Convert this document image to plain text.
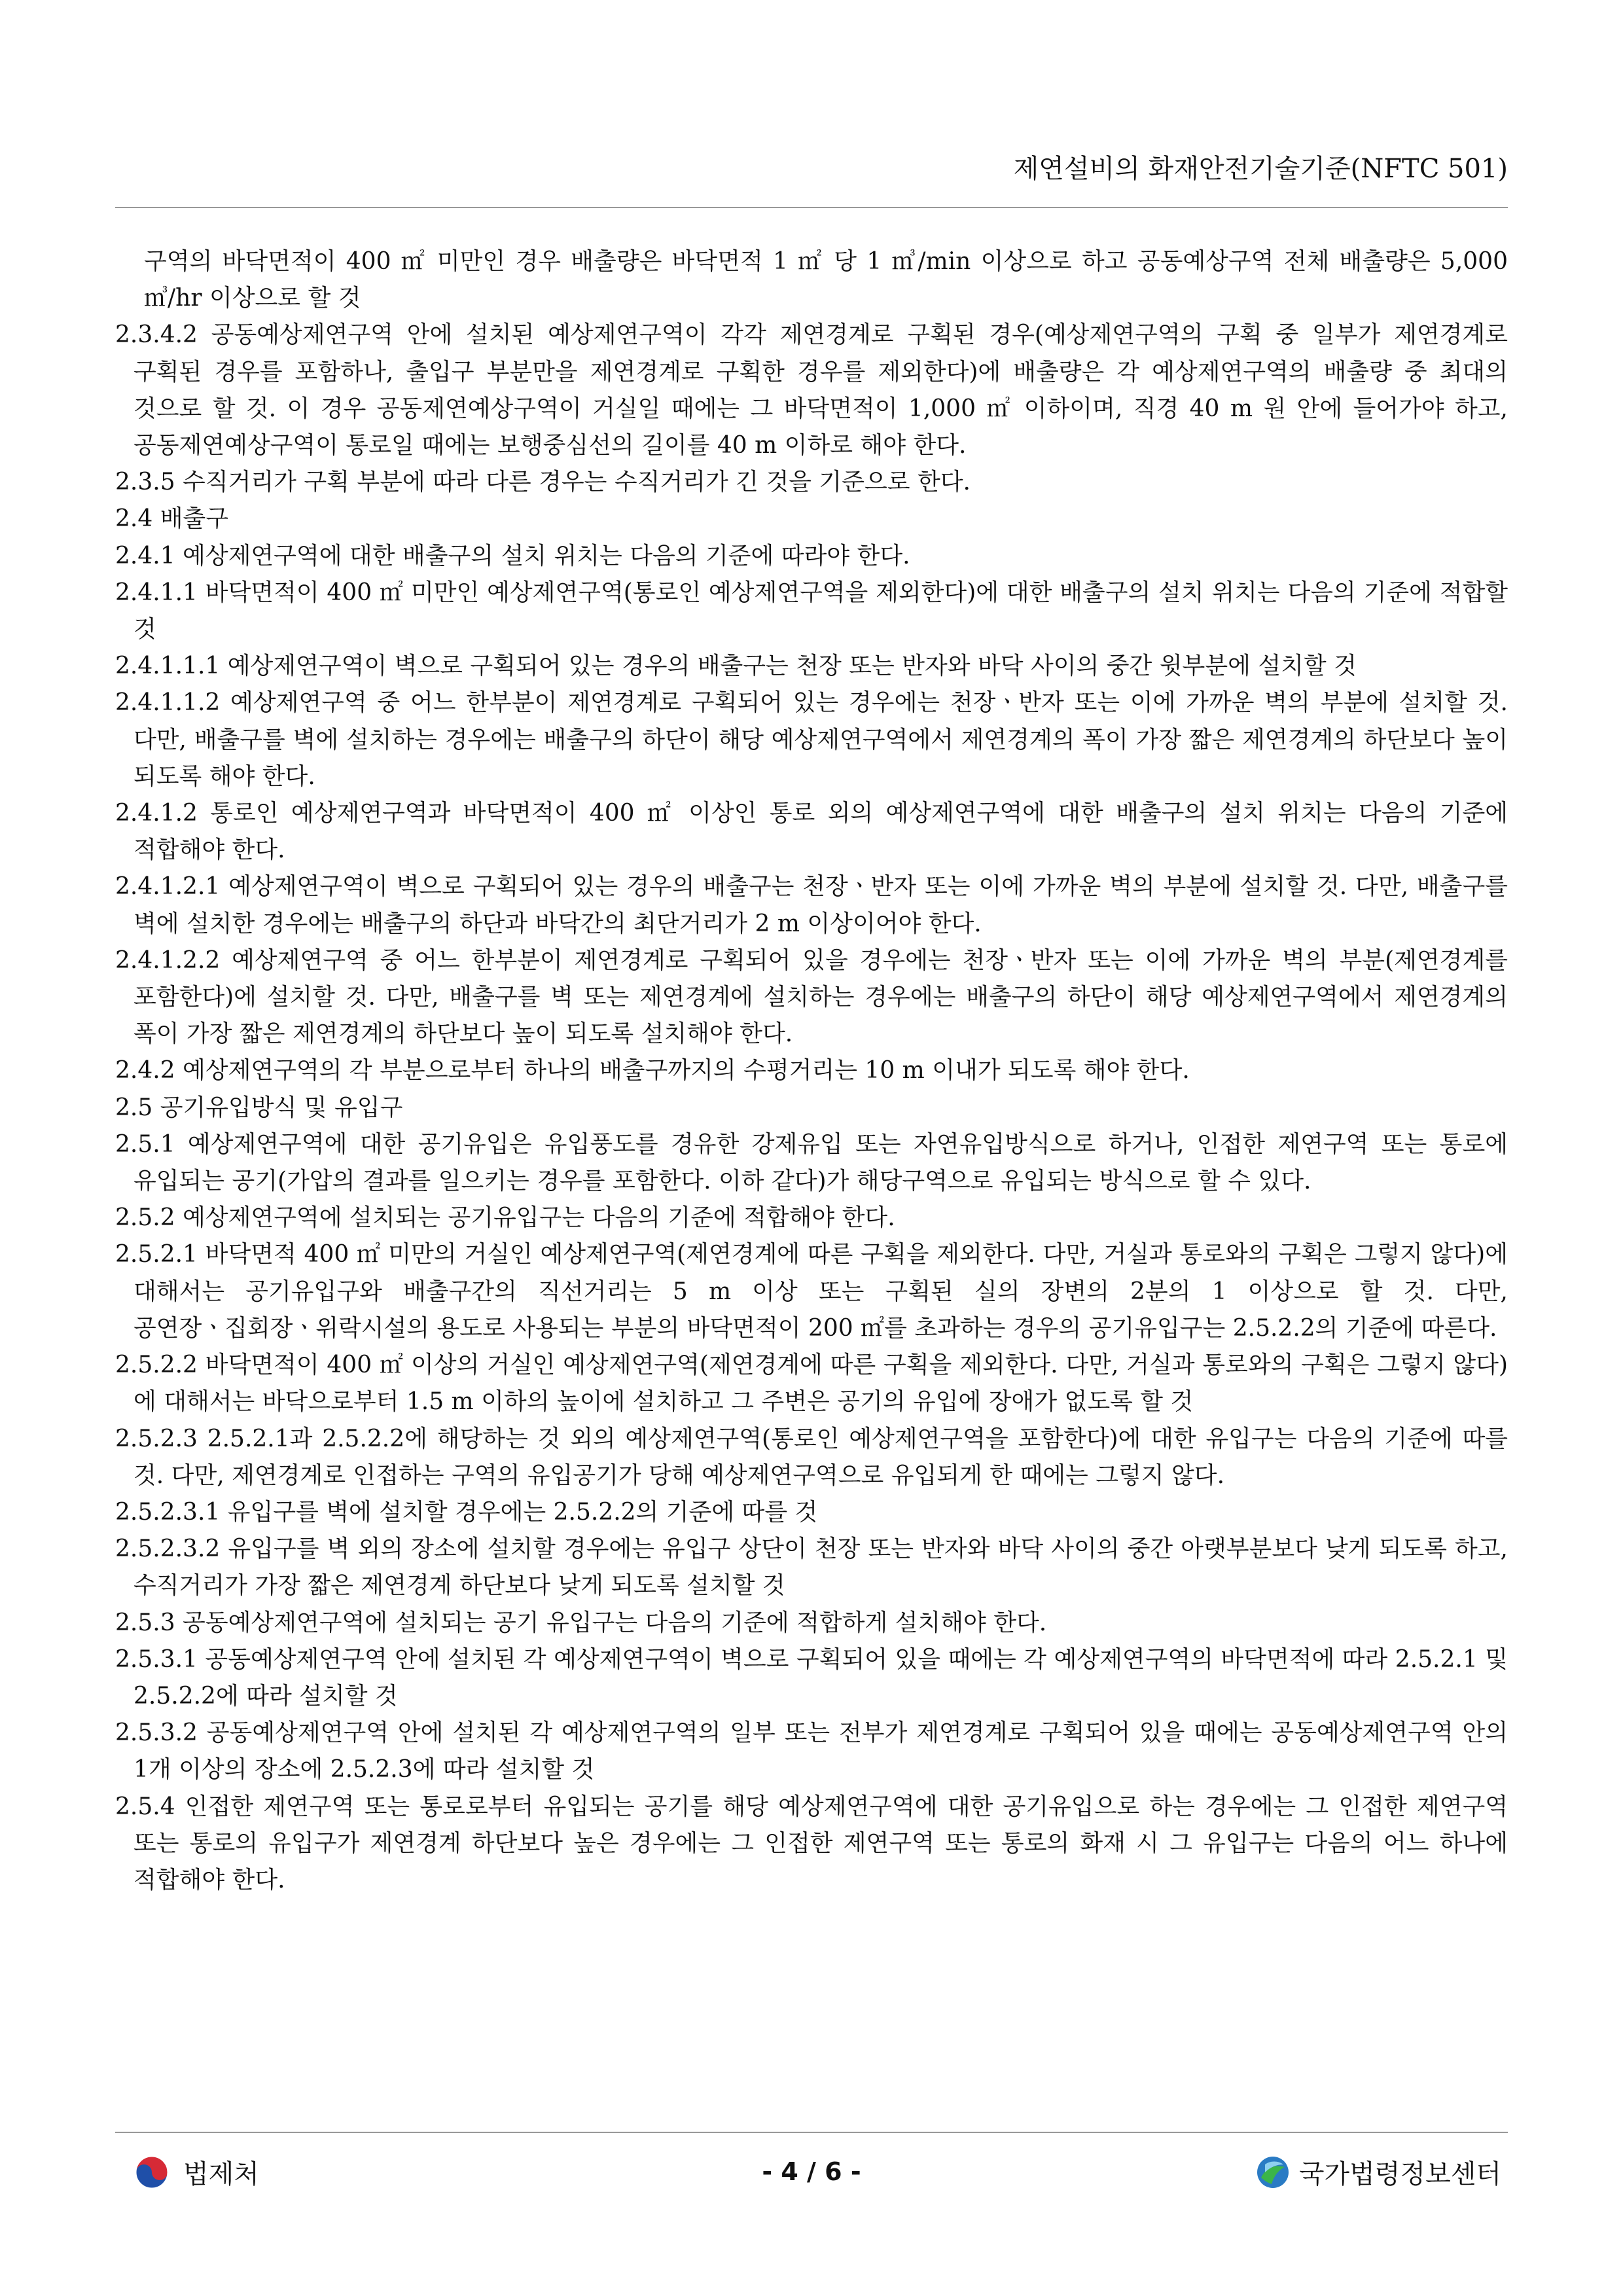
제연설비의 화재안전기술기준(NFTC 501)

구역의 바닥면적이 400 ㎡ 미만인 경우 배출량은 바닥면적 1 ㎡ 당 1 ㎥/min 이상으로 하고 공동예상구역 전체 배출량은 5,000 ㎥/hr 이상으로 할 것

2.3.4.2 공동예상제연구역 안에 설치된 예상제연구역이 각각 제연경계로 구획된 경우(예상제연구역의 구획 중 일부가 제연경계로 구획된 경우를 포함하나, 출입구 부분만을 제연경계로 구획한 경우를 제외한다)에 배출량은 각 예상제연구역의 배출량 중 최대의 것으로 할 것. 이 경우 공동제연예상구역이 거실일 때에는 그 바닥면적이 1,000 ㎡ 이하이며, 직경 40 m 원 안에 들어가야 하고, 공동제연예상구역이 통로일 때에는 보행중심선의 길이를 40 m 이하로 해야 한다.

2.3.5 수직거리가 구획 부분에 따라 다른 경우는 수직거리가 긴 것을 기준으로 한다.

2.4 배출구

2.4.1 예상제연구역에 대한 배출구의 설치 위치는 다음의 기준에 따라야 한다.

2.4.1.1 바닥면적이 400 ㎡ 미만인 예상제연구역(통로인 예상제연구역을 제외한다)에 대한 배출구의 설치 위치는 다음의 기준에 적합할 것

2.4.1.1.1 예상제연구역이 벽으로 구획되어 있는 경우의 배출구는 천장 또는 반자와 바닥 사이의 중간 윗부분에 설치할 것

2.4.1.1.2 예상제연구역 중 어느 한부분이 제연경계로 구획되어 있는 경우에는 천장ㆍ반자 또는 이에 가까운 벽의 부분에 설치할 것. 다만, 배출구를 벽에 설치하는 경우에는 배출구의 하단이 해당 예상제연구역에서 제연경계의 폭이 가장 짧은 제연경계의 하단보다 높이 되도록 해야 한다.

2.4.1.2 통로인 예상제연구역과 바닥면적이 400 ㎡ 이상인 통로 외의 예상제연구역에 대한 배출구의 설치 위치는 다음의 기준에 적합해야 한다.

2.4.1.2.1 예상제연구역이 벽으로 구획되어 있는 경우의 배출구는 천장ㆍ반자 또는 이에 가까운 벽의 부분에 설치할 것. 다만, 배출구를 벽에 설치한 경우에는 배출구의 하단과 바닥간의 최단거리가 2 m 이상이어야 한다.

2.4.1.2.2 예상제연구역 중 어느 한부분이 제연경계로 구획되어 있을 경우에는 천장ㆍ반자 또는 이에 가까운 벽의 부분(제연경계를 포함한다)에 설치할 것. 다만, 배출구를 벽 또는 제연경계에 설치하는 경우에는 배출구의 하단이 해당 예상제연구역에서 제연경계의 폭이 가장 짧은 제연경계의 하단보다 높이 되도록 설치해야 한다.

2.4.2 예상제연구역의 각 부분으로부터 하나의 배출구까지의 수평거리는 10 m 이내가 되도록 해야 한다.

2.5 공기유입방식 및 유입구

2.5.1 예상제연구역에 대한 공기유입은 유입풍도를 경유한 강제유입 또는 자연유입방식으로 하거나, 인접한 제연구역 또는 통로에 유입되는 공기(가압의 결과를 일으키는 경우를 포함한다. 이하 같다)가 해당구역으로 유입되는 방식으로 할 수 있다.

2.5.2 예상제연구역에 설치되는 공기유입구는 다음의 기준에 적합해야 한다.

2.5.2.1 바닥면적 400 ㎡ 미만의 거실인 예상제연구역(제연경계에 따른 구획을 제외한다. 다만, 거실과 통로와의 구획은 그렇지 않다)에 대해서는 공기유입구와 배출구간의 직선거리는 5 m 이상 또는 구획된 실의 장변의 2분의 1 이상으로 할 것. 다만, 공연장ㆍ집회장ㆍ위락시설의 용도로 사용되는 부분의 바닥면적이 200 ㎡를 초과하는 경우의 공기유입구는 2.5.2.2의 기준에 따른다.

2.5.2.2 바닥면적이 400 ㎡ 이상의 거실인 예상제연구역(제연경계에 따른 구획을 제외한다. 다만, 거실과 통로와의 구획은 그렇지 않다)에 대해서는 바닥으로부터 1.5 m 이하의 높이에 설치하고 그 주변은 공기의 유입에 장애가 없도록 할 것

2.5.2.3 2.5.2.1과 2.5.2.2에 해당하는 것 외의 예상제연구역(통로인 예상제연구역을 포함한다)에 대한 유입구는 다음의 기준에 따를 것. 다만, 제연경계로 인접하는 구역의 유입공기가 당해 예상제연구역으로 유입되게 한 때에는 그렇지 않다.

2.5.2.3.1 유입구를 벽에 설치할 경우에는 2.5.2.2의 기준에 따를 것

2.5.2.3.2 유입구를 벽 외의 장소에 설치할 경우에는 유입구 상단이 천장 또는 반자와 바닥 사이의 중간 아랫부분보다 낮게 되도록 하고, 수직거리가 가장 짧은 제연경계 하단보다 낮게 되도록 설치할 것

2.5.3 공동예상제연구역에 설치되는 공기 유입구는 다음의 기준에 적합하게 설치해야 한다.

2.5.3.1 공동예상제연구역 안에 설치된 각 예상제연구역이 벽으로 구획되어 있을 때에는 각 예상제연구역의 바닥면적에 따라 2.5.2.1 및 2.5.2.2에 따라 설치할 것

2.5.3.2 공동예상제연구역 안에 설치된 각 예상제연구역의 일부 또는 전부가 제연경계로 구획되어 있을 때에는 공동예상제연구역 안의 1개 이상의 장소에 2.5.2.3에 따라 설치할 것

2.5.4 인접한 제연구역 또는 통로로부터 유입되는 공기를 해당 예상제연구역에 대한 공기유입으로 하는 경우에는 그 인접한 제연구역 또는 통로의 유입구가 제연경계 하단보다 높은 경우에는 그 인접한 제연구역 또는 통로의 화재 시 그 유입구는 다음의 어느 하나에 적합해야 한다.

법제처	- 4 / 6 -	국가법령정보센터
